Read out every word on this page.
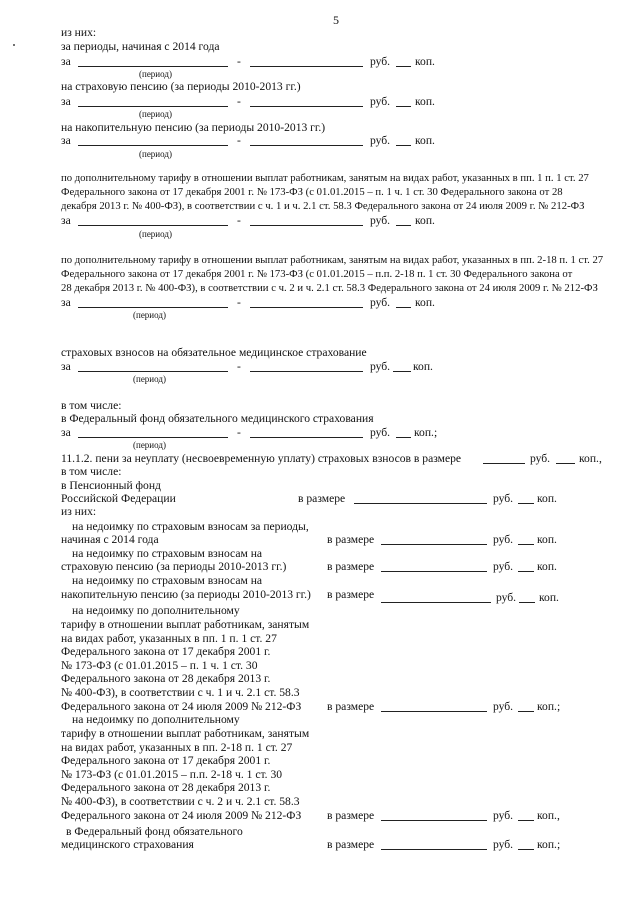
5
из них:
за периоды, начиная с 2014 года
за	-	руб. коп.
(период)
на страховую пенсию (за периоды 2010-2013 гг.)
за	-	руб. коп.
(период)
на накопительную пенсию (за периоды 2010-2013 гг.)
за	-	руб. коп.
(период)
по дополнительному тарифу в отношении выплат работникам, занятым на видах работ, указанных в пп. 1 п. 1 ст. 27
Федерального закона от 17 декабря 2001 г. № 173-ФЗ (с 01.01.2015 – п. 1 ч. 1 ст. 30 Федерального закона от 28
декабря 2013 г. № 400-ФЗ), в соответствии с ч. 1 и ч. 2.1 ст. 58.3 Федерального закона от 24 июля 2009 г. № 212-ФЗ
за	-	руб. коп.
(период)
по дополнительному тарифу в отношении выплат работникам, занятым на видах работ, указанных в пп. 2-18 п. 1 ст. 27
Федерального закона от 17 декабря 2001 г. № 173-ФЗ (с 01.01.2015 – п.п. 2-18 п. 1 ст. 30 Федерального закона от
28 декабря 2013 г. № 400-ФЗ), в соответствии с ч. 2 и ч. 2.1 ст. 58.3 Федерального закона от 24 июля 2009 г. № 212-ФЗ
за	-	руб. коп.
(период)
страховых взносов на обязательное медицинское страхование
за	-	руб. коп.
(период)
в том числе:
в Федеральный фонд обязательного медицинского страхования
за	-	руб. коп.;
(период)
11.1.2. пени за неуплату (несвоевременную уплату) страховых взносов в размере	руб. коп.,
в том числе:
в Пенсионный фонд
Российской Федерации	в размере	руб. коп.
из них:
на недоимку по страховым взносам за периоды,
начиная с 2014 года	в размере	руб. коп.
на недоимку по страховым взносам на
страховую пенсию (за периоды 2010-2013 гг.)	в размере	руб. коп.
на недоимку по страховым взносам на
накопительную пенсию (за периоды 2010-2013 гг.) в размере	руб. коп.
на недоимку по дополнительному
тарифу в отношении выплат работникам, занятым
на видах работ, указанных в пп. 1 п. 1 ст. 27
Федерального закона от 17 декабря 2001 г.
№ 173-ФЗ (с 01.01.2015 – п. 1 ч. 1 ст. 30
Федерального закона от 28 декабря 2013 г.
№ 400-ФЗ), в соответствии с ч. 1 и ч. 2.1 ст. 58.3
Федерального закона от 24 июля 2009 № 212-ФЗ в размере	руб. коп.;
на недоимку по дополнительному
тарифу в отношении выплат работникам, занятым
на видах работ, указанных в пп. 2-18 п. 1 ст. 27
Федерального закона от 17 декабря 2001 г.
№ 173-ФЗ (с 01.01.2015 – п.п. 2-18 ч. 1 ст. 30
Федерального закона от 28 декабря 2013 г.
№ 400-ФЗ), в соответствии с ч. 2 и ч. 2.1 ст. 58.3
Федерального закона от 24 июля 2009 № 212-ФЗ в размере	руб. коп.,
в Федеральный фонд обязательного
медицинского страхования	в размере	руб. коп.;
